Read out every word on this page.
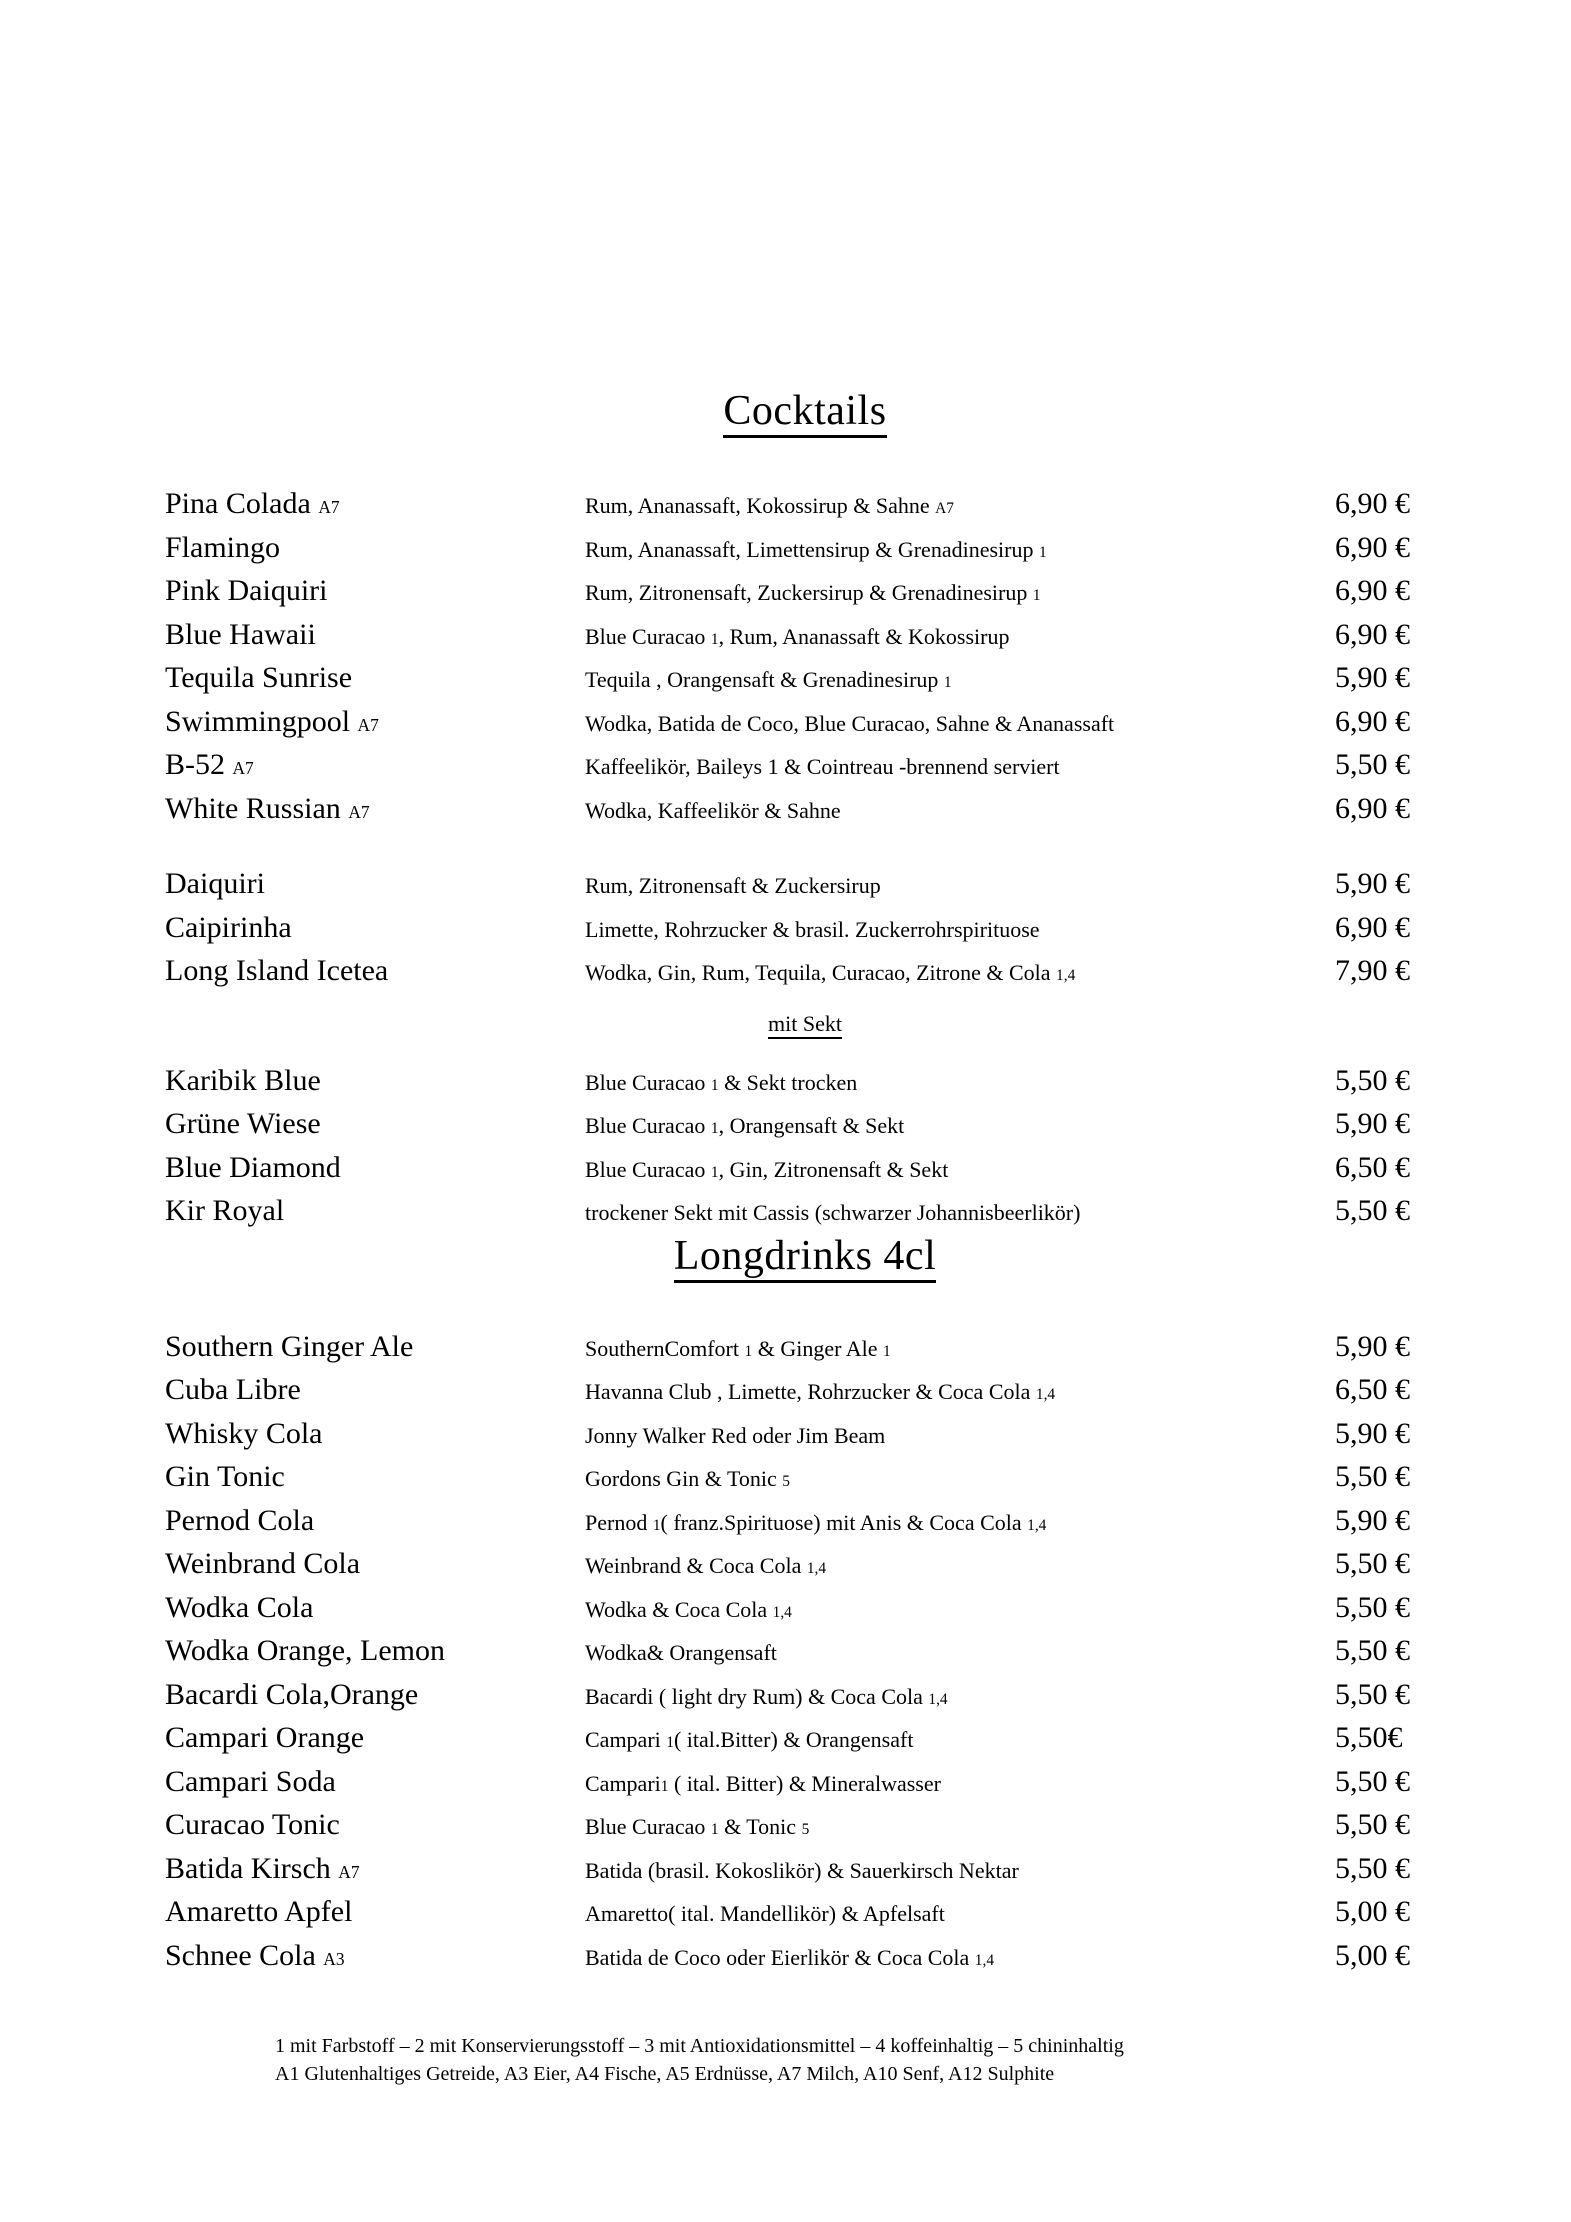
Cocktails
Pina Colada A7	Rum, Ananassaft, Kokossirup & Sahne A7	6,90 €
Flamingo	Rum, Ananassaft, Limettensirup & Grenadinesirup 1	6,90 €
Pink Daiquiri	Rum, Zitronensaft, Zuckersirup & Grenadinesirup 1	6,90 €
Blue Hawaii	Blue Curacao 1, Rum, Ananassaft & Kokossirup	6,90 €
Tequila Sunrise	Tequila , Orangensaft & Grenadinesirup 1	5,90 €
Swimmingpool A7	Wodka, Batida de Coco, Blue Curacao, Sahne & Ananassaft	6,90 €
B-52 A7	Kaffeelikör, Baileys 1 & Cointreau -brennend serviert	5,50 €
White Russian A7	Wodka, Kaffeelikör & Sahne	6,90 €
Daiquiri	Rum, Zitronensaft & Zuckersirup	5,90 €
Caipirinha	Limette, Rohrzucker & brasil. Zuckerrohrspirituose	6,90 €
Long Island Icetea	Wodka, Gin, Rum, Tequila, Curacao, Zitrone & Cola 1,4	7,90 €
mit Sekt
Karibik Blue	Blue Curacao 1 & Sekt trocken	5,50 €
Grüne Wiese	Blue Curacao 1, Orangensaft & Sekt	5,90 €
Blue Diamond	Blue Curacao 1, Gin, Zitronensaft & Sekt	6,50 €
Kir Royal	trockener Sekt mit Cassis (schwarzer Johannisbeerlikör)	5,50 €
Longdrinks 4cl
Southern Ginger Ale	SouthernComfort 1 & Ginger Ale 1	5,90 €
Cuba Libre	Havanna Club , Limette, Rohrzucker & Coca Cola 1,4	6,50 €
Whisky Cola	Jonny Walker Red oder Jim Beam	5,90 €
Gin Tonic	Gordons Gin & Tonic 5	5,50 €
Pernod Cola	Pernod 1( franz.Spirituose) mit Anis & Coca Cola 1,4	5,90 €
Weinbrand Cola	Weinbrand & Coca Cola 1,4	5,50 €
Wodka Cola	Wodka & Coca Cola 1,4	5,50 €
Wodka Orange, Lemon	Wodka& Orangensaft	5,50 €
Bacardi Cola,Orange	Bacardi ( light dry Rum) & Coca Cola 1,4	5,50 €
Campari Orange	Campari 1( ital.Bitter) & Orangensaft	5,50€
Campari Soda	Campari1 ( ital. Bitter) & Mineralwasser	5,50 €
Curacao Tonic	Blue Curacao 1 & Tonic 5	5,50 €
Batida Kirsch A7	Batida (brasil. Kokoslikör) & Sauerkirsch Nektar	5,50 €
Amaretto Apfel	Amaretto( ital. Mandellikör) & Apfelsaft	5,00 €
Schnee Cola A3	Batida de Coco oder Eierlikör & Coca Cola 1,4	5,00 €
1 mit Farbstoff – 2 mit Konservierungsstoff – 3 mit Antioxidationsmittel – 4 koffeinhaltig – 5 chininhaltig
A1 Glutenhaltiges Getreide, A3 Eier, A4 Fische, A5 Erdnüsse, A7 Milch, A10 Senf, A12 Sulphite
